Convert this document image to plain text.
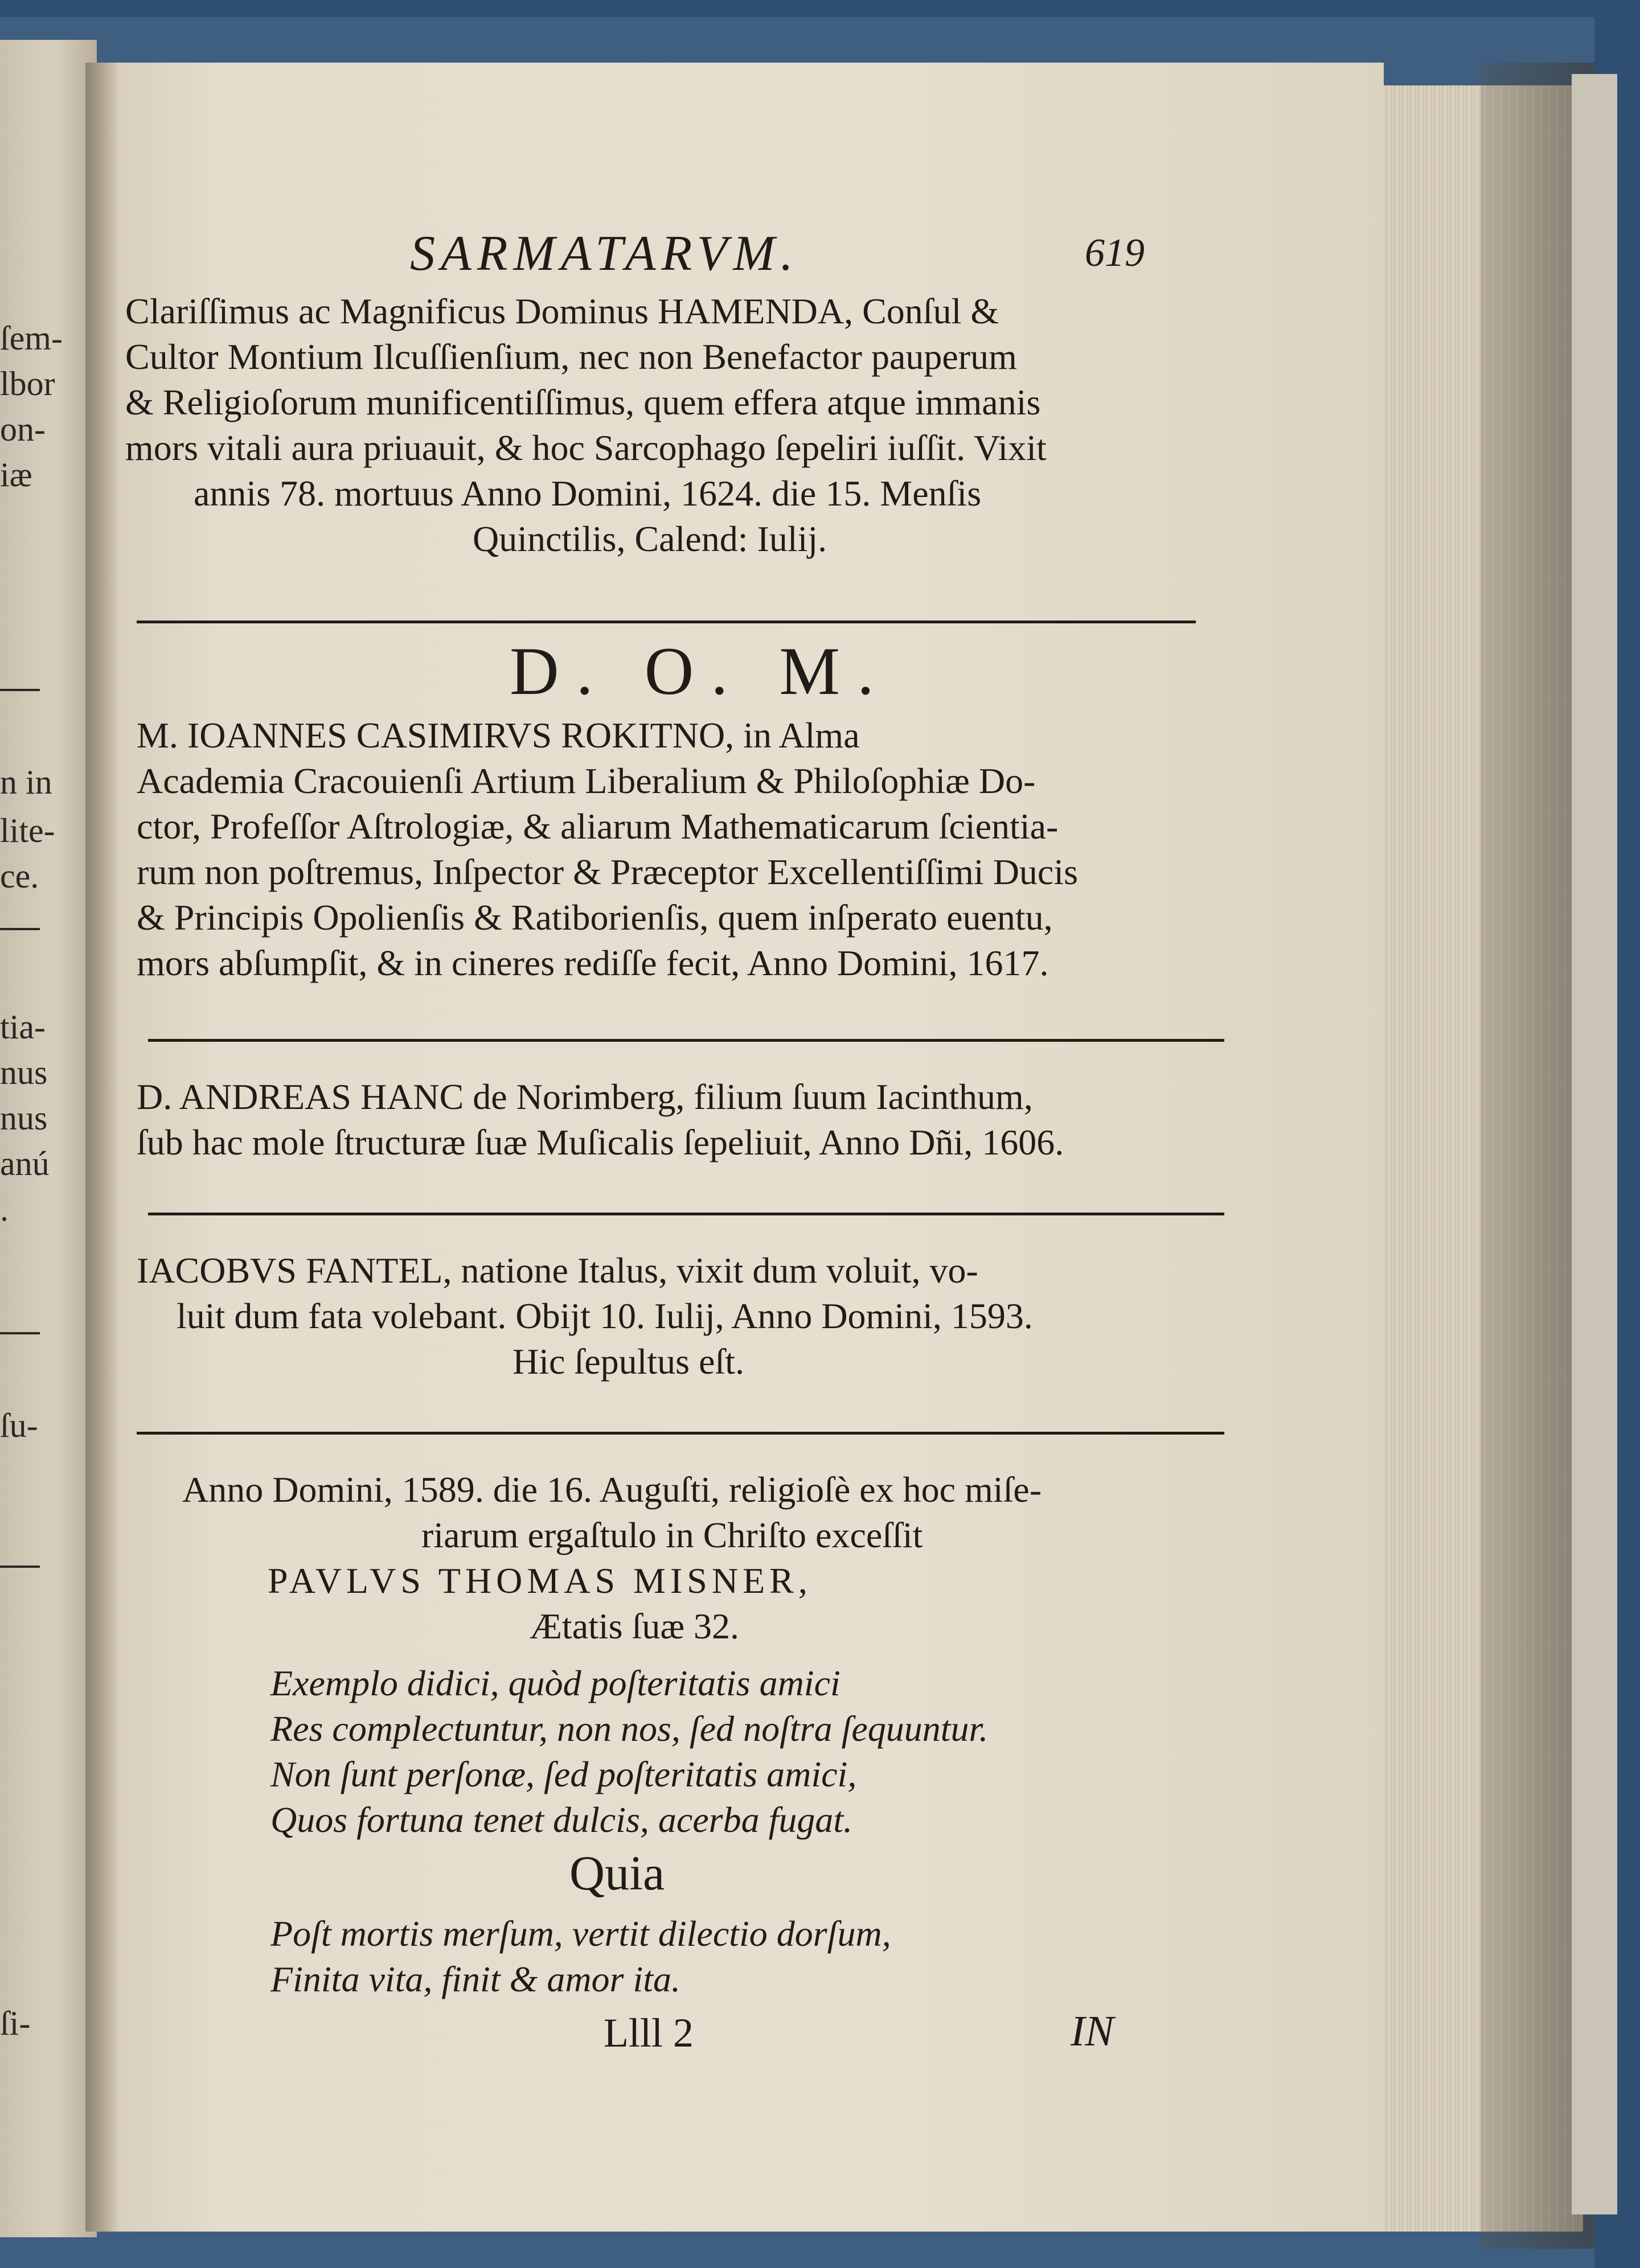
ſem-
lbor
on-
iæ
n in
lite-
ce.
tia-
nus
nus
anú
.
ſu-
ſi-
SARMATARVM.	619
Clariſſimus ac Magnificus Dominus HAMENDA, Conſul &
Cultor Montium Ilcuſſienſium, nec non Benefactor pauperum
& Religioſorum munificentiſſimus, quem effera atque immanis
mors vitali aura priuauit, & hoc Sarcophago ſepeliri iuſſit. Vixit
annis 78. mortuus Anno Domini, 1624. die 15. Menſis
Quinctilis, Calend: Iulij.
D. O. M.
M. IOANNES CASIMIRVS ROKITNO, in Alma
Academia Cracouienſi Artium Liberalium & Philoſophiæ Do-
ctor, Profeſſor Aſtrologiæ, & aliarum Mathematicarum ſcientia-
rum non poſtremus, Inſpector & Præceptor Excellentiſſimi Ducis
& Principis Opolienſis & Ratiborienſis, quem inſperato euentu,
mors abſumpſit, & in cineres rediſſe fecit, Anno Domini, 1617.
D. ANDREAS HANC de Norimberg, filium ſuum Iacinthum,
ſub hac mole ſtructuræ ſuæ Muſicalis ſepeliuit, Anno Dñi, 1606.
IACOBVS FANTEL, natione Italus, vixit dum voluit, vo-
luit dum fata volebant. Obijt 10. Iulij, Anno Domini, 1593.
Hic ſepultus eſt.
Anno Domini, 1589. die 16. Auguſti, religioſè ex hoc miſe-
riarum ergaſtulo in Chriſto exceſſit
PAVLVS THOMAS MISNER,
Ætatis ſuæ 32.
Exemplo didici, quòd poſteritatis amici
Res complectuntur, non nos, ſed noſtra ſequuntur.
Non ſunt perſonæ, ſed poſteritatis amici,
Quos fortuna tenet dulcis, acerba fugat.
Quia
Poſt mortis merſum, vertit dilectio dorſum,
Finita vita, finit & amor ita.
Llll 2	IN
